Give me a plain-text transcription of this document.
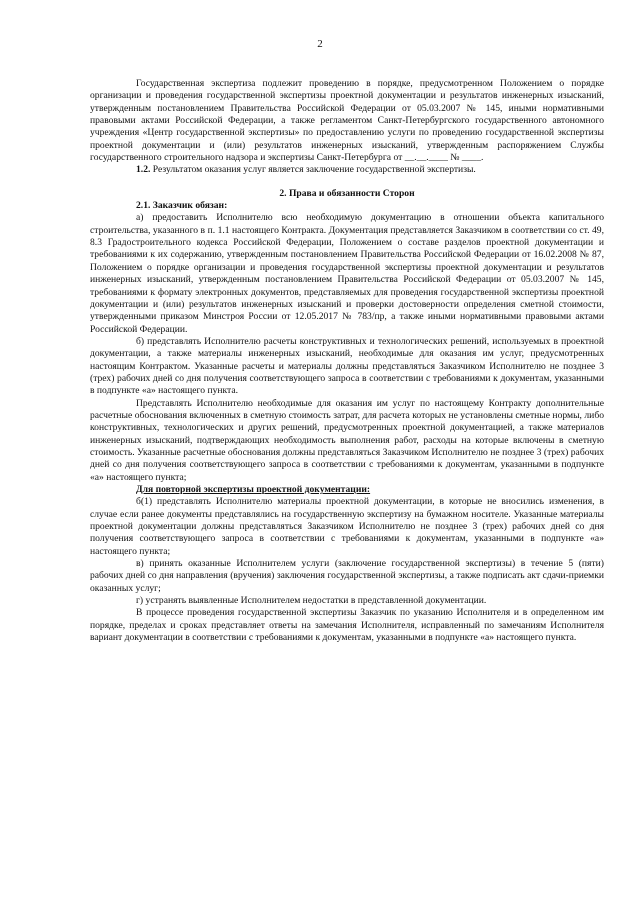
2

Государственная экспертиза подлежит проведению в порядке, предусмотренном Положением о порядке организации и проведения государственной экспертизы проектной документации и результатов инженерных изысканий, утвержденным постановлением Правительства Российской Федерации от 05.03.2007 № 145, иными нормативными правовыми актами Российской Федерации, а также регламентом Санкт-Петербургского государственного автономного учреждения «Центр государственной экспертизы» по предоставлению услуги по проведению государственной экспертизы проектной документации и (или) результатов инженерных изысканий, утвержденным распоряжением Службы государственного строительного надзора и экспертизы Санкт-Петербурга от __.__.____ № ____.

1.2. Результатом оказания услуг является заключение государственной экспертизы.

2. Права и обязанности Сторон

2.1. Заказчик обязан:

а) предоставить Исполнителю всю необходимую документацию в отношении объекта капитального строительства, указанного в п. 1.1 настоящего Контракта. Документация представляется Заказчиком в соответствии со ст. 49, 8.3 Градостроительного кодекса Российской Федерации, Положением о составе разделов проектной документации и требованиями к их содержанию, утвержденным постановлением Правительства Российской Федерации от 16.02.2008 № 87, Положением о порядке организации и проведения государственной экспертизы проектной документации и результатов инженерных изысканий, утвержденным постановлением Правительства Российской Федерации от 05.03.2007 № 145, требованиями к формату электронных документов, представляемых для проведения государственной экспертизы проектной документации и (или) результатов инженерных изысканий и проверки достоверности определения сметной стоимости, утвержденными приказом Минстроя России от 12.05.2017 № 783/пр, а также иными нормативными правовыми актами Российской Федерации.

б) представлять Исполнителю расчеты конструктивных и технологических решений, используемых в проектной документации, а также материалы инженерных изысканий, необходимые для оказания им услуг, предусмотренных настоящим Контрактом. Указанные расчеты и материалы должны представляться Заказчиком Исполнителю не позднее 3 (трех) рабочих дней со дня получения соответствующего запроса в соответствии с требованиями к документам, указанными в подпункте «а» настоящего пункта.

Представлять Исполнителю необходимые для оказания им услуг по настоящему Контракту дополнительные расчетные обоснования включенных в сметную стоимость затрат, для расчета которых не установлены сметные нормы, либо конструктивных, технологических и других решений, предусмотренных проектной документацией, а также материалов инженерных изысканий, подтверждающих необходимость выполнения работ, расходы на которые включены в сметную стоимость. Указанные расчетные обоснования должны представляться Заказчиком Исполнителю не позднее 3 (трех) рабочих дней со дня получения соответствующего запроса в соответствии с требованиями к документам, указанными в подпункте «а» настоящего пункта;

Для повторной экспертизы проектной документации:

б(1) представлять Исполнителю материалы проектной документации, в которые не вносились изменения, в случае если ранее документы представлялись на государственную экспертизу на бумажном носителе. Указанные материалы проектной документации должны представляться Заказчиком Исполнителю не позднее 3 (трех) рабочих дней со дня получения соответствующего запроса в соответствии с требованиями к документам, указанными в подпункте «а» настоящего пункта;

в) принять оказанные Исполнителем услуги (заключение государственной экспертизы) в течение 5 (пяти) рабочих дней со дня направления (вручения) заключения государственной экспертизы, а также подписать акт сдачи-приемки оказанных услуг;

г) устранять выявленные Исполнителем недостатки в представленной документации.

В процессе проведения государственной экспертизы Заказчик по указанию Исполнителя и в определенном им порядке, пределах и сроках представляет ответы на замечания Исполнителя, исправленный по замечаниям Исполнителя вариант документации в соответствии с требованиями к документам, указанными в подпункте «а» настоящего пункта.
